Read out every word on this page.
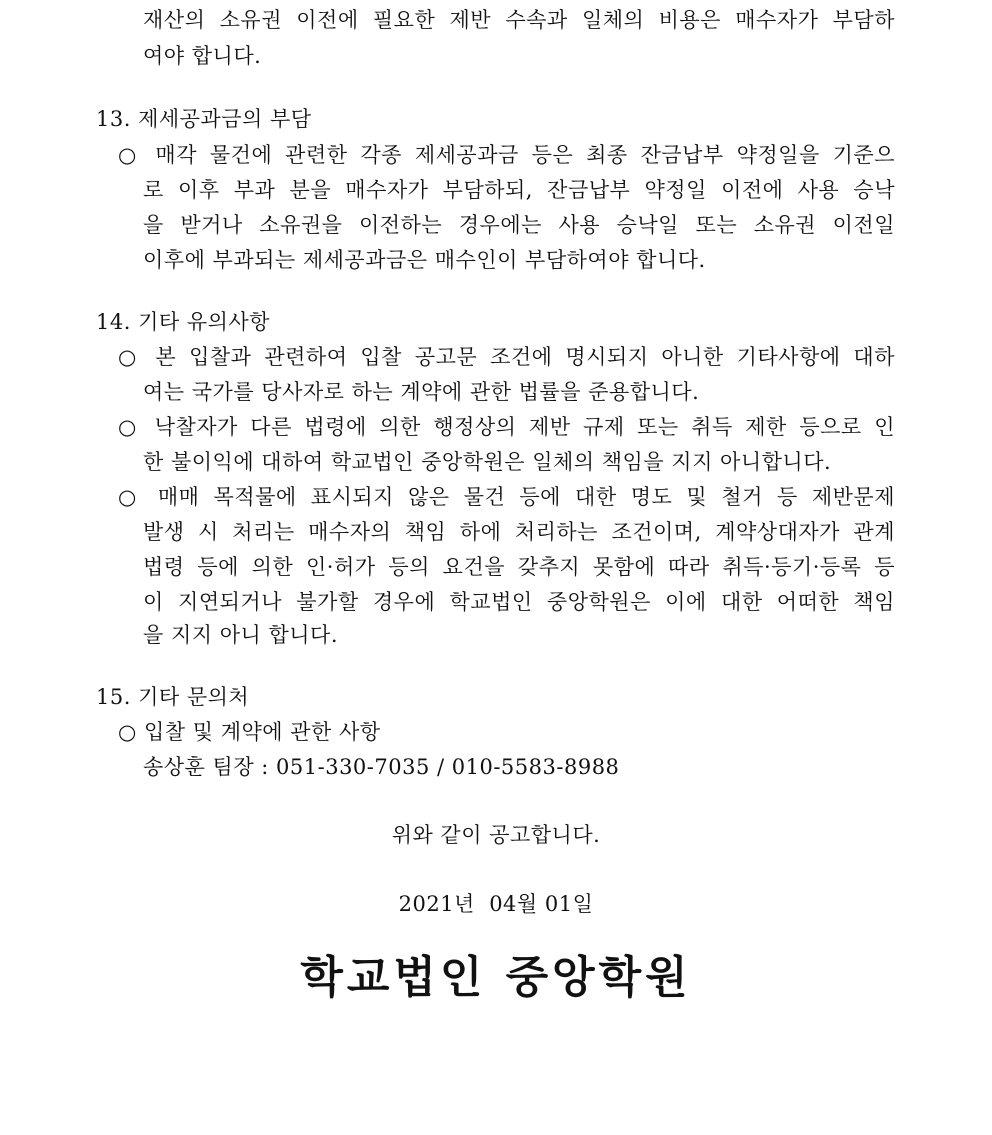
재산의 소유권 이전에 필요한 제반 수속과 일체의 비용은 매수자가 부담하
여야 합니다.
13. 제세공과금의 부담
○ 매각 물건에 관련한 각종 제세공과금 등은 최종 잔금납부 약정일을 기준으
로 이후 부과 분을 매수자가 부담하되, 잔금납부 약정일 이전에 사용 승낙
을 받거나 소유권을 이전하는 경우에는 사용 승낙일 또는 소유권 이전일
이후에 부과되는 제세공과금은 매수인이 부담하여야 합니다.
14. 기타 유의사항
○ 본 입찰과 관련하여 입찰 공고문 조건에 명시되지 아니한 기타사항에 대하
여는 국가를 당사자로 하는 계약에 관한 법률을 준용합니다.
○ 낙찰자가 다른 법령에 의한 행정상의 제반 규제 또는 취득 제한 등으로 인
한 불이익에 대하여 학교법인 중앙학원은 일체의 책임을 지지 아니합니다.
○ 매매 목적물에 표시되지 않은 물건 등에 대한 명도 및 철거 등 제반문제
발생 시 처리는 매수자의 책임 하에 처리하는 조건이며, 계약상대자가 관계
법령 등에 의한 인·허가 등의 요건을 갖추지 못함에 따라 취득·등기·등록 등
이 지연되거나 불가할 경우에 학교법인 중앙학원은 이에 대한 어떠한 책임
을 지지 아니 합니다.
15. 기타 문의처
○ 입찰 및 계약에 관한 사항
송상훈 팀장 : 051-330-7035 / 010-5583-8988
위와 같이 공고합니다.
2021년  04월 01일
학교법인 중앙학원
